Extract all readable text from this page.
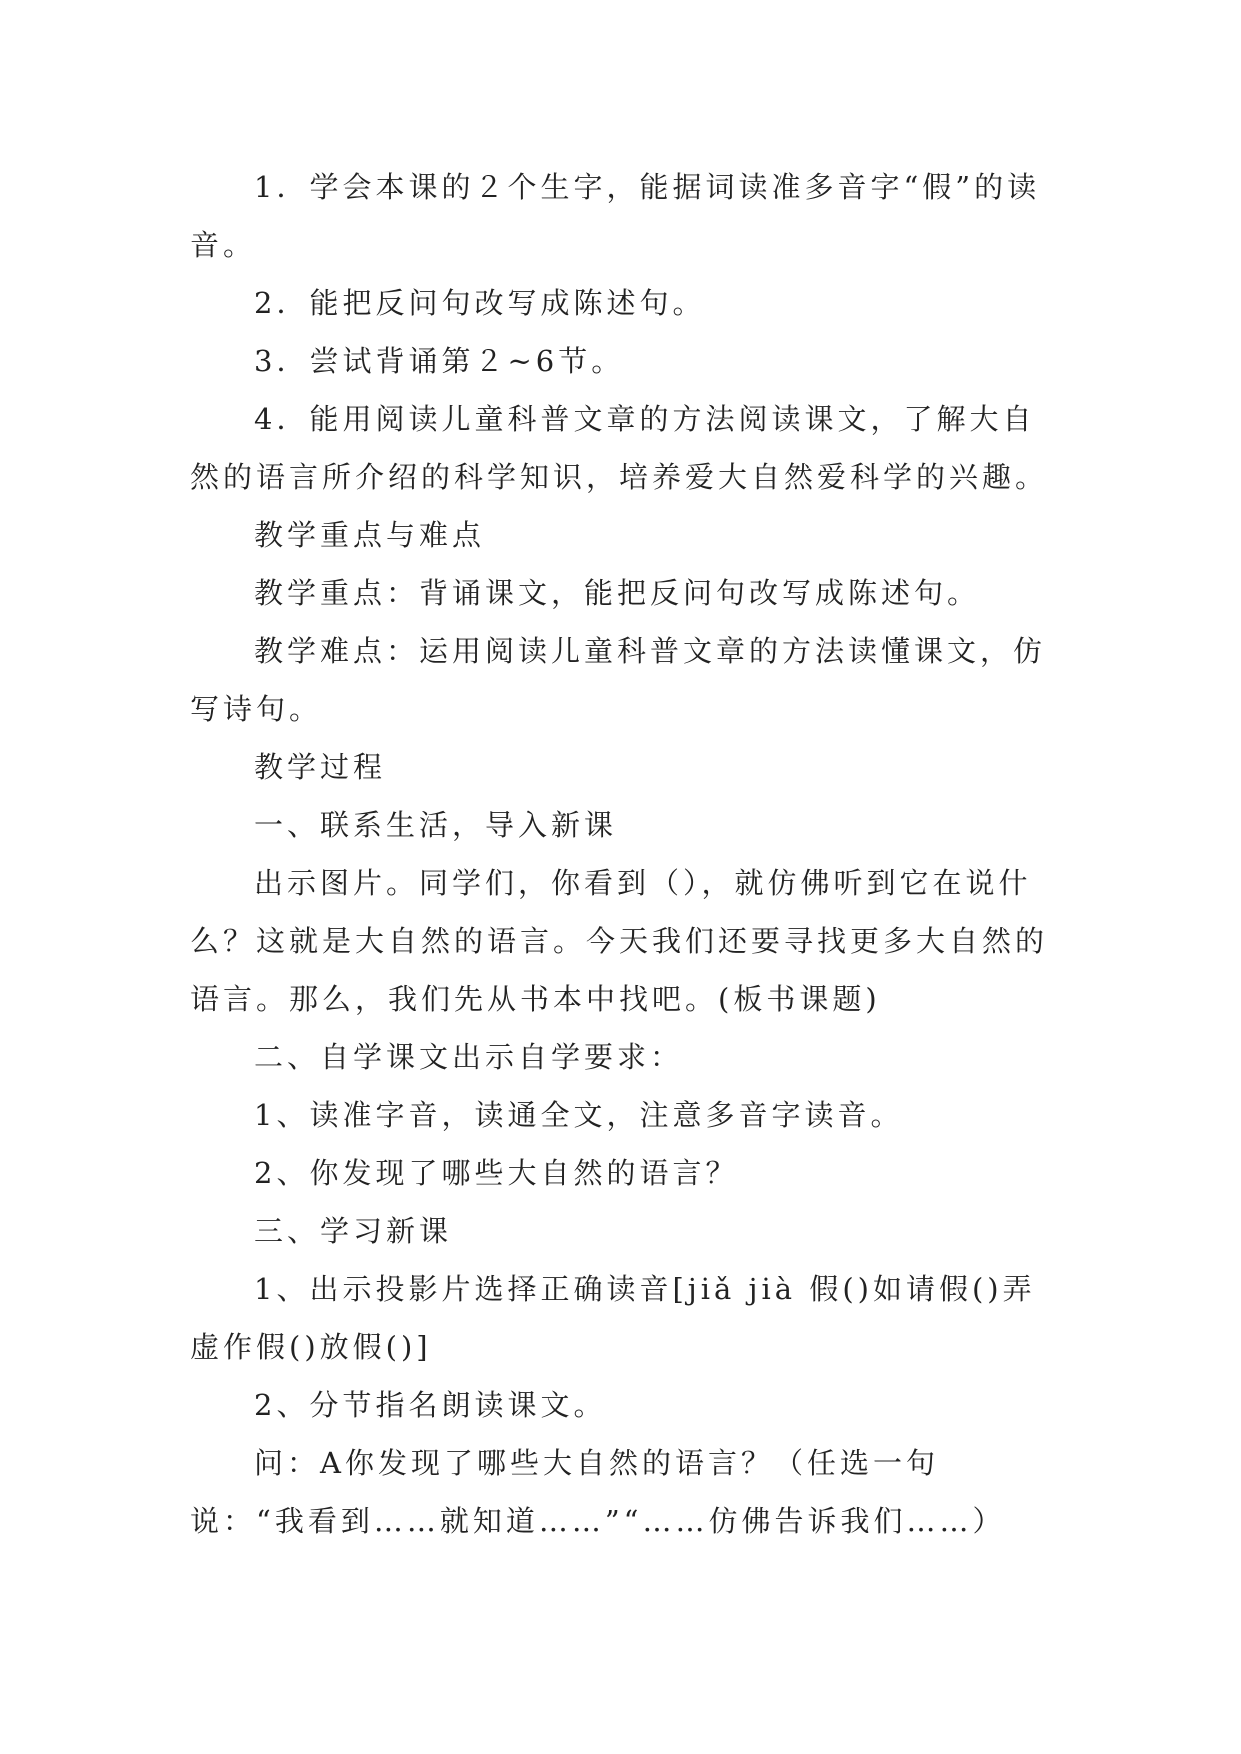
1．学会本课的２个生字，能据词读准多音字“假”的读音。

2．能把反问句改写成陈述句。

3．尝试背诵第２~6节。

4．能用阅读儿童科普文章的方法阅读课文，了解大自然的语言所介绍的科学知识，培养爱大自然爱科学的兴趣。

教学重点与难点

教学重点：背诵课文，能把反问句改写成陈述句。

教学难点：运用阅读儿童科普文章的方法读懂课文，仿写诗句。

教学过程

一、联系生活，导入新课

出示图片。同学们，你看到（），就仿佛听到它在说什么？这就是大自然的语言。今天我们还要寻找更多大自然的语言。那么，我们先从书本中找吧。(板书课题)

二、自学课文出示自学要求：

1、读准字音，读通全文，注意多音字读音。

2、你发现了哪些大自然的语言？

三、学习新课

1、出示投影片选择正确读音[jiǎ jià 假()如请假()弄虚作假()放假()]

2、分节指名朗读课文。

问：A你发现了哪些大自然的语言？（任选一句说：“我看到……就知道……”“……仿佛告诉我们……）
